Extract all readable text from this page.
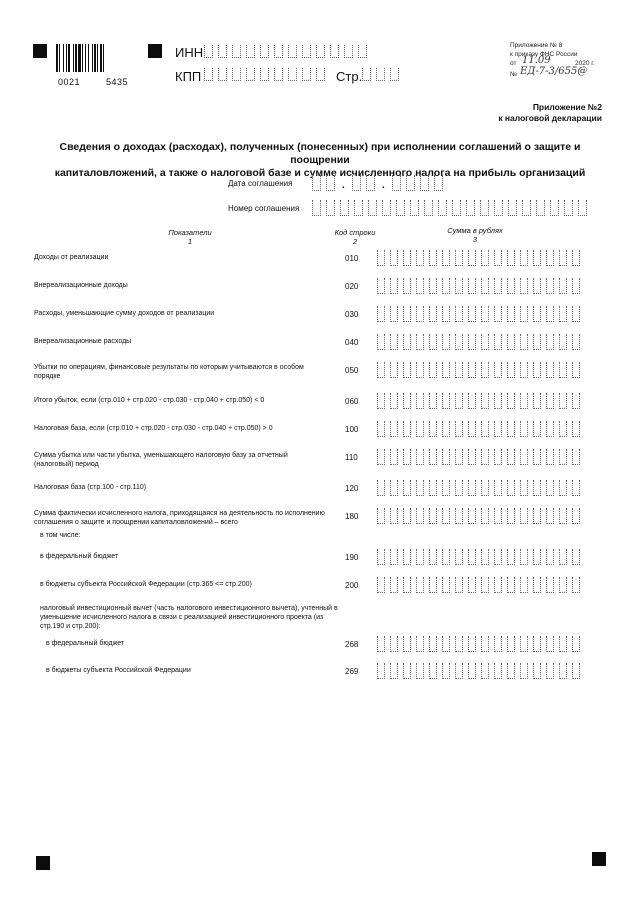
0021	5435
ИНН
КПП	Стр.
Приложение № 8
к приказу ФНС России
от 11.09	2020 г.
№ ЕД-7-3/655@
Приложение №2
к налоговой декларации
Сведения о доходах (расходах), полученных (понесенных) при исполнении соглашений о защите и поощрении
капиталовложений, а также о налоговой базе и сумме исчисленного налога на прибыль организаций
Дата соглашения	.	.
Номер соглашения
Показатели
1
Код строки
2
Сумма в рублях
3
Доходы от реализации	010
Внереализационные доходы	020
Расходы, уменьшающие сумму доходов от реализации	030
Внереализационные расходы	040
Убытки по операциям, финансовые результаты по которым учитываются в особом порядке
050
Итого убыток, если (стр.010 + стр.020 - стр.030 - стр.040 + стр.050) < 0	060
Налоговая база, если (стр.010 + стр.020 - стр.030 - стр.040 + стр.050) > 0	100
Сумма убытка или части убытка, уменьшающего налоговую базу за отчетный (налоговый) период
110
Налоговая база (стр.100 - стр.110)	120
Сумма фактически исчисленного налога, приходящаяся на деятельность по исполнению соглашения о защите и поощрении капиталовложений – всего
180
в том числе:
в федеральный бюджет	190
в бюджеты субъекта Российской Федерации (стр.365 <= стр.200)	200
налоговый инвестиционный вычет (часть налогового инвестиционного вычета), учтенный в уменьшение исчисленного налога в связи с реализацией инвестиционного проекта (из стр.190 и стр.200):
в федеральный бюджет	268
в бюджеты субъекта Российской Федерации	269
